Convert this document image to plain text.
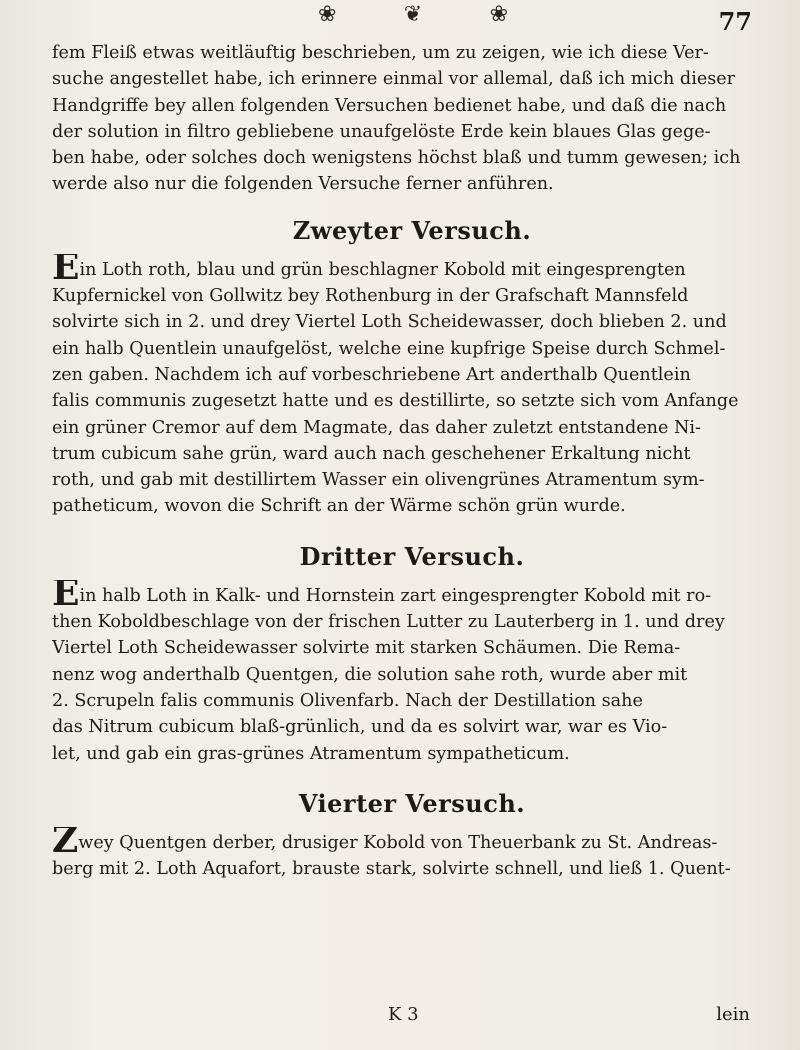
❀	❦	❀	77
fem Fleiß etwas weitläuftig beschrieben, um zu zeigen, wie ich diese Ver-
suche angestellet habe, ich erinnere einmal vor allemal, daß ich mich dieser
Handgriffe bey allen folgenden Versuchen bedienet habe, und daß die nach
der solution in filtro gebliebene unaufgelöste Erde kein blaues Glas gege-
ben habe, oder solches doch wenigstens höchst blaß und tumm gewesen; ich
werde also nur die folgenden Versuche ferner anführen.
Zweyter Versuch.
Ein Loth roth, blau und grün beschlagner Kobold mit eingesprengten
Kupfernickel von Gollwitz bey Rothenburg in der Grafschaft Mannsfeld
solvirte sich in 2. und drey Viertel Loth Scheidewasser, doch blieben 2. und
ein halb Quentlein unaufgelöst, welche eine kupfrige Speise durch Schmel-
zen gaben. Nachdem ich auf vorbeschriebene Art anderthalb Quentlein
falis communis zugesetzt hatte und es destillirte, so setzte sich vom Anfange
ein grüner Cremor auf dem Magmate, das daher zuletzt entstandene Ni-
trum cubicum sahe grün, ward auch nach geschehener Erkaltung nicht
roth, und gab mit destillirtem Wasser ein olivengrünes Atramentum sym-
patheticum, wovon die Schrift an der Wärme schön grün wurde.
Dritter Versuch.
Ein halb Loth in Kalk- und Hornstein zart eingesprengter Kobold mit ro-
then Koboldbeschlage von der frischen Lutter zu Lauterberg in 1. und drey
Viertel Loth Scheidewasser solvirte mit starken Schäumen. Die Rema-
nenz wog anderthalb Quentgen, die solution sahe roth, wurde aber mit
2. Scrupeln falis communis Olivenfarb. Nach der Destillation sahe
das Nitrum cubicum blaß-grünlich, und da es solvirt war, war es Vio-
let, und gab ein gras-grünes Atramentum sympatheticum.
Vierter Versuch.
Zwey Quentgen derber, drusiger Kobold von Theuerbank zu St. Andreas-
berg mit 2. Loth Aquafort, brauste stark, solvirte schnell, und ließ 1. Quent-
K 3	lein
